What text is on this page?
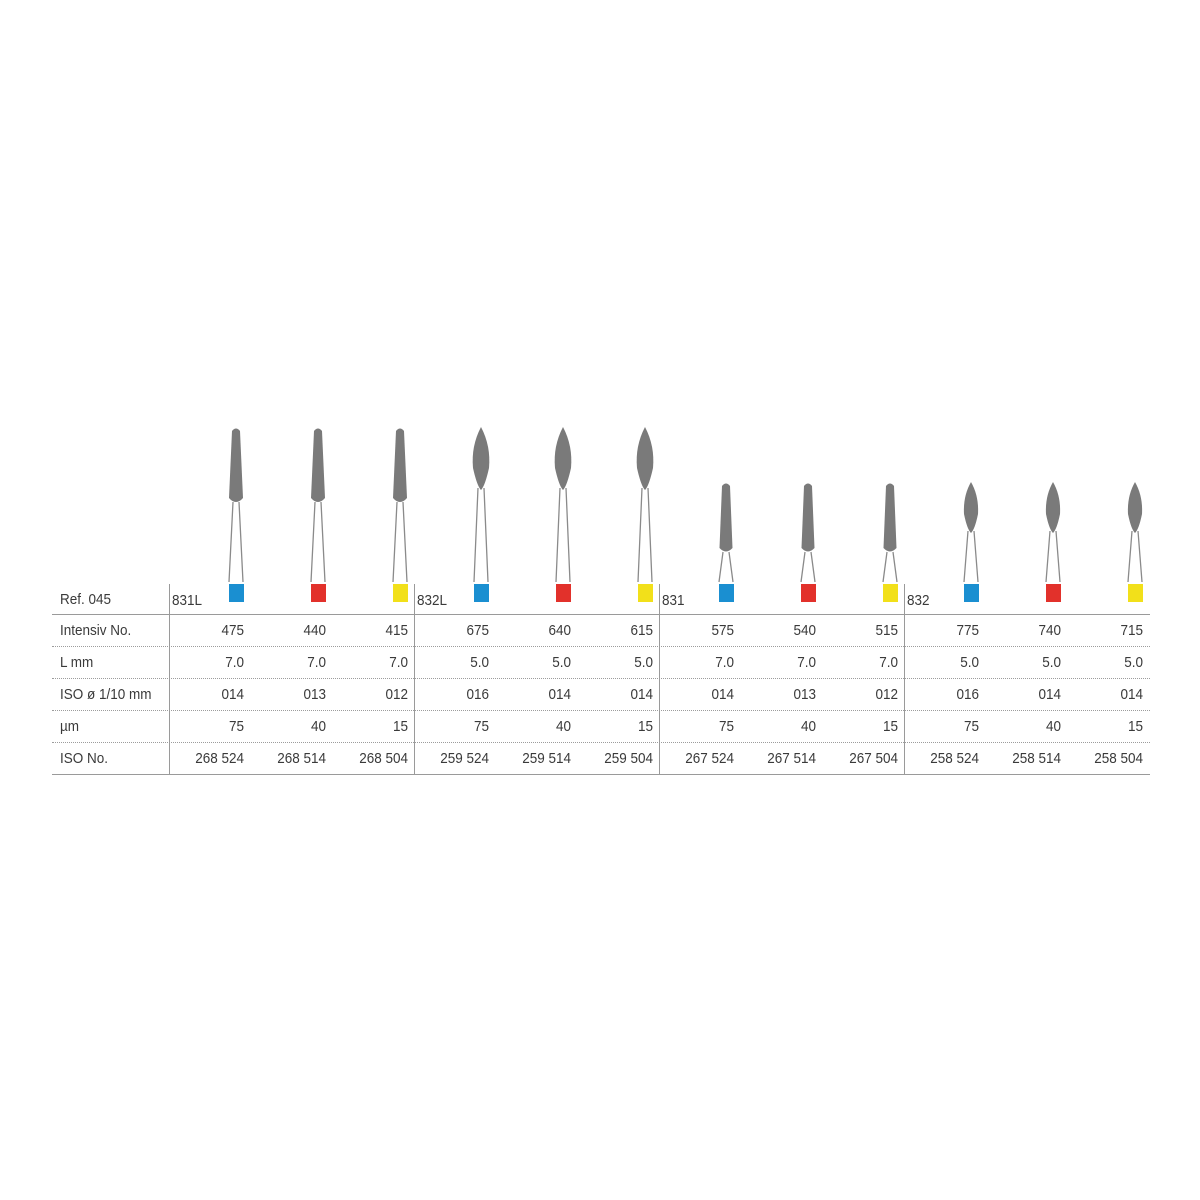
Ref. 045
Intensiv No.
L mm
ISO ø 1/10 mm
µm
ISO No.
831L
475
7.0
014
75
268 524
440
7.0
013
40
268 514
415
7.0
012
15
268 504
832L
675
5.0
016
75
259 524
640
5.0
014
40
259 514
615
5.0
014
15
259 504
831
575
7.0
014
75
267 524
540
7.0
013
40
267 514
515
7.0
012
15
267 504
832
775
5.0
016
75
258 524
740
5.0
014
40
258 514
715
5.0
014
15
258 504
